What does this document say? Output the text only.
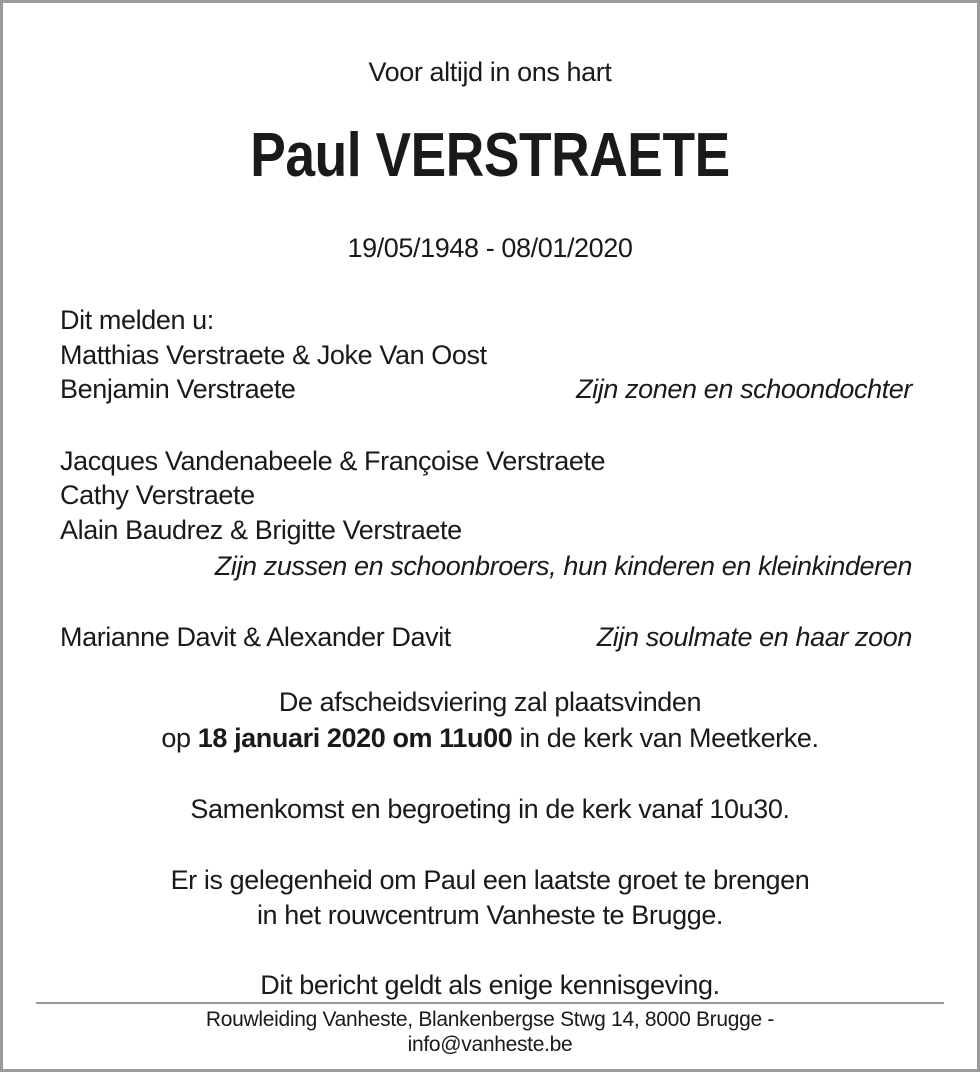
Voor altijd in ons hart
Paul VERSTRAETE
19/05/1948 - 08/01/2020
Dit melden u:
Matthias Verstraete & Joke Van Oost
Benjamin Verstraete	Zijn zonen en schoondochter
Jacques Vandenabeele & Françoise Verstraete
Cathy Verstraete
Alain Baudrez & Brigitte Verstraete
Zijn zussen en schoonbroers, hun kinderen en kleinkinderen
Marianne Davit & Alexander Davit	Zijn soulmate en haar zoon
De afscheidsviering zal plaatsvinden
op 18 januari 2020 om 11u00 in de kerk van Meetkerke.
Samenkomst en begroeting in de kerk vanaf 10u30.
Er is gelegenheid om Paul een laatste groet te brengen
in het rouwcentrum Vanheste te Brugge.
Dit bericht geldt als enige kennisgeving.
Rouwleiding Vanheste, Blankenbergse Stwg 14, 8000 Brugge -
info@vanheste.be
